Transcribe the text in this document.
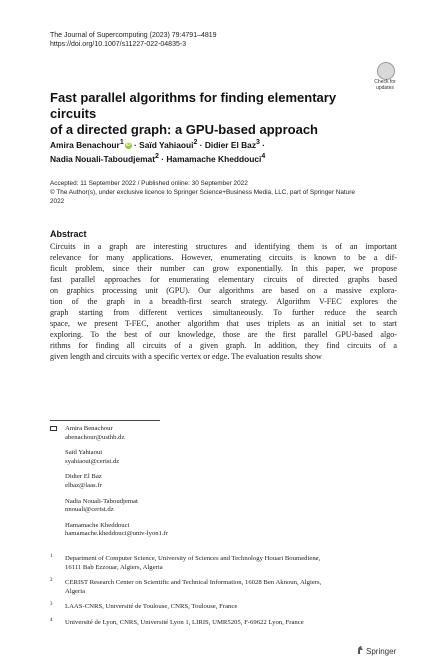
The Journal of Supercomputing (2023) 79:4791–4819
https://doi.org/10.1007/s11227-022-04835-3
Check for
updates
Fast parallel algorithms for finding elementary circuits
of a directed graph: a GPU-based approach
Amira Benachour$^1$ iD · Saïd Yahiaoui$^2$ · Didier El Baz$^3$ ·
Nadia Nouali-Taboudjemat$^2$ · Hamamache Kheddouci$^4$
Accepted: 11 September 2022 / Published online: 30 September 2022
© The Author(s), under exclusive licence to Springer Science+Business Media, LLC, part of Springer Nature
2022
Abstract
Circuits in a graph are interesting structures and identifying them is of an important
relevance for many applications. However, enumerating circuits is known to be a dif-
ficult problem, since their number can grow exponentially. In this paper, we propose
fast parallel approaches for enumerating elementary circuits of directed graphs based
on graphics processing unit (GPU). Our algorithms are based on a massive explora-
tion of the graph in a breadth-first search strategy. Algorithm V-FEC explores the
graph starting from different vertices simultaneously. To further reduce the search
space, we present T-FEC, another algorithm that uses triplets as an initial set to start
exploring. To the best of our knowledge, those are the first parallel GPU-based algo-
rithms for finding all circuits of a given graph. In addition, they find circuits of a
given length and circuits with a specific vertex or edge. The evaluation results show
Amira Benachour
abenachour@usthb.dz
Saïd Yahiaoui
syahiaoui@cerist.dz
Didier El Baz
elbaz@laas.fr
Nadia Nouali-Taboudjemat
nnouali@cerist.dz
Hamamache Kheddouci
hamamache.kheddouci@univ-lyon1.fr
1 Department of Computer Science, University of Sciences and Technology Houari Boumediene,
16111 Bab Ezzouar, Algiers, Algeria
2 CERIST Research Center on Scientific and Technical Information, 16028 Ben Aknoun, Algiers,
Algeria
3 LAAS-CNRS, Université de Toulouse, CNRS, Toulouse, France
4 Université de Lyon, CNRS, Université Lyon 1, LIRIS, UMR5205, F-69622 Lyon, France
Springer
